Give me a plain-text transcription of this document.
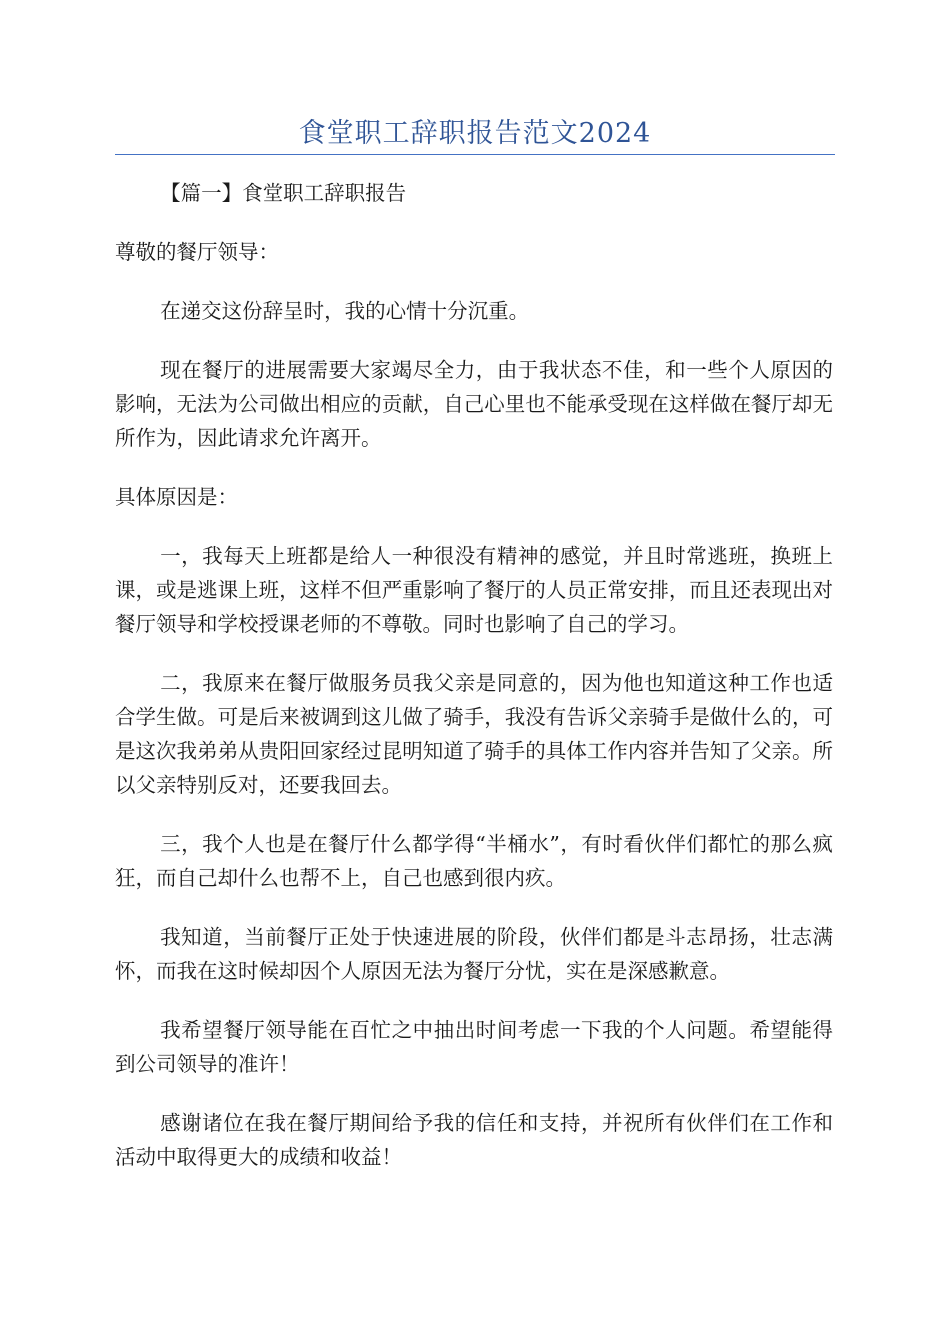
食堂职工辞职报告范文2024

【篇一】食堂职工辞职报告

尊敬的餐厅领导：

在递交这份辞呈时，我的心情十分沉重。

现在餐厅的进展需要大家竭尽全力，由于我状态不佳，和一些个人原因的影响，无法为公司做出相应的贡献，自己心里也不能承受现在这样做在餐厅却无所作为，因此请求允许离开。

具体原因是：

一，我每天上班都是给人一种很没有精神的感觉，并且时常逃班，换班上课，或是逃课上班，这样不但严重影响了餐厅的人员正常安排，而且还表现出对餐厅领导和学校授课老师的不尊敬。同时也影响了自己的学习。

二，我原来在餐厅做服务员我父亲是同意的，因为他也知道这种工作也适合学生做。可是后来被调到这儿做了骑手，我没有告诉父亲骑手是做什么的，可是这次我弟弟从贵阳回家经过昆明知道了骑手的具体工作内容并告知了父亲。所以父亲特别反对，还要我回去。

三，我个人也是在餐厅什么都学得“半桶水”，有时看伙伴们都忙的那么疯狂，而自己却什么也帮不上，自己也感到很内疚。

我知道，当前餐厅正处于快速进展的阶段，伙伴们都是斗志昂扬，壮志满怀，而我在这时候却因个人原因无法为餐厅分忧，实在是深感歉意。

我希望餐厅领导能在百忙之中抽出时间考虑一下我的个人问题。希望能得到公司领导的准许！

感谢诸位在我在餐厅期间给予我的信任和支持，并祝所有伙伴们在工作和活动中取得更大的成绩和收益！
